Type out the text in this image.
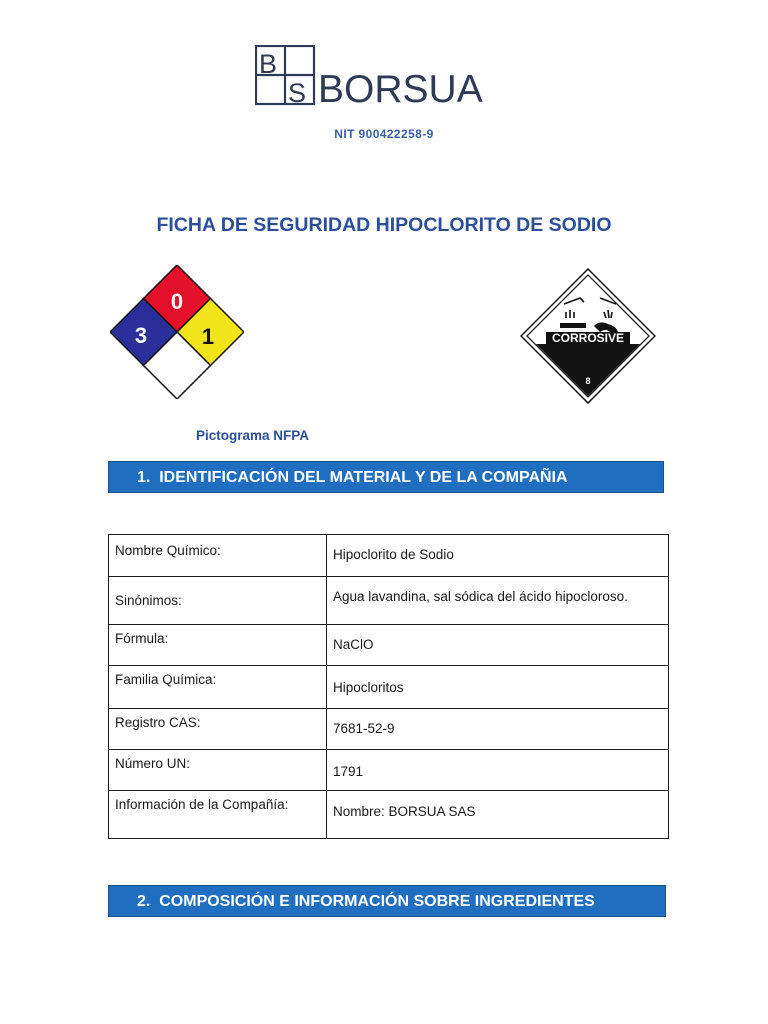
B
S BORSUA
NIT 900422258-9
FICHA DE SEGURIDAD HIPOCLORITO DE SODIO
0
3 1
Pictograma NFPA
CORROSIVE
8
1. IDENTIFICACIÓN DEL MATERIAL Y DE LA COMPAÑIA
Nombre Químico:	Hipoclorito de Sodio
Sinónimos:	Agua lavandina, sal sódica del ácido hipocloroso.
Fórmula:	NaClO
Familia Química:	Hipocloritos
Registro CAS:	7681-52-9
Número UN:	1791
Información de la Compañía:	Nombre: BORSUA SAS
2. COMPOSICIÓN E INFORMACIÓN SOBRE INGREDIENTES
